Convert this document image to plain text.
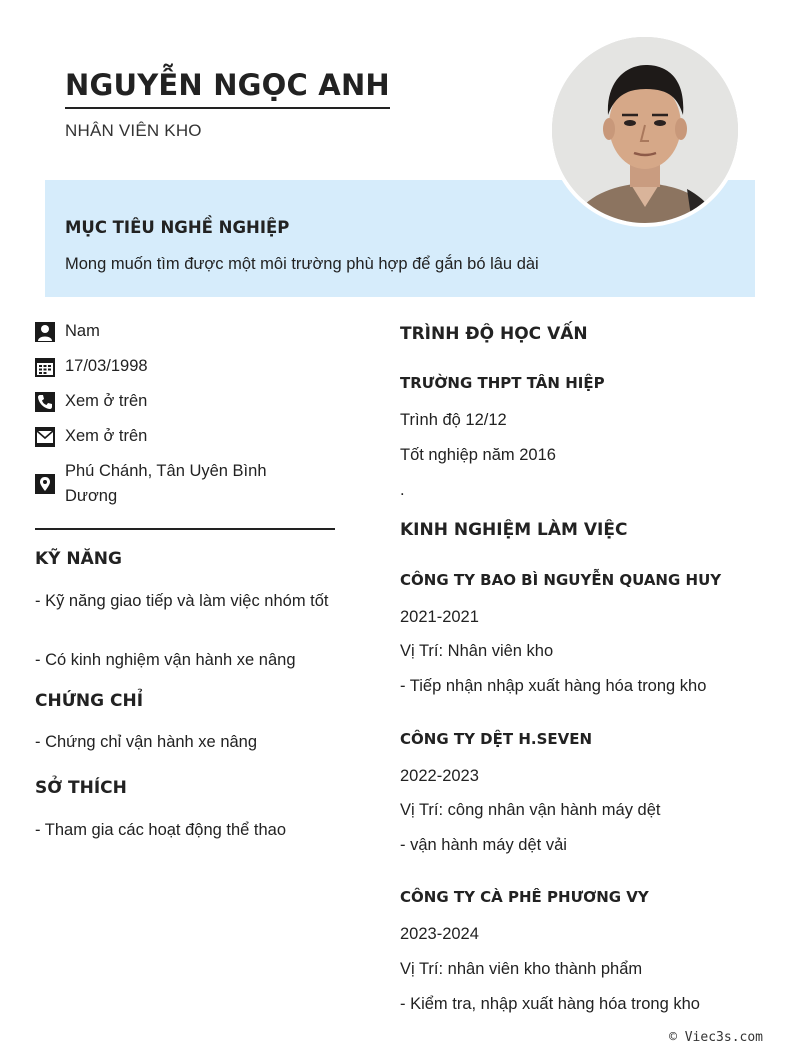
NGUYỄN NGỌC ANH
NHÂN VIÊN KHO
MỤC TIÊU NGHỀ NGHIỆP
Mong muốn tìm được một môi trường phù hợp để gắn bó lâu dài
Nam
17/03/1998
Xem ở trên
Xem ở trên
Phú Chánh, Tân Uyên Bình
Dương
KỸ NĂNG
- Kỹ năng giao tiếp và làm việc nhóm tốt
- Có kinh nghiệm vận hành xe nâng
CHỨNG CHỈ
- Chứng chỉ vận hành xe nâng
SỞ THÍCH
- Tham gia các hoạt động thể thao
TRÌNH ĐỘ HỌC VẤN
TRƯỜNG THPT TÂN HIỆP
Trình độ 12/12
Tốt nghiệp năm 2016
.
KINH NGHIỆM LÀM VIỆC
CÔNG TY BAO BÌ NGUYỄN QUANG HUY
2021-2021
Vị Trí: Nhân viên kho
- Tiếp nhận nhập xuất hàng hóa trong kho
CÔNG TY DỆT H.SEVEN
2022-2023
Vị Trí: công nhân vận hành máy dệt
- vận hành máy dệt vải
CÔNG TY CÀ PHÊ PHƯƠNG VY
2023-2024
Vị Trí: nhân viên kho thành phẩm
- Kiểm tra, nhập xuất hàng hóa trong kho
© Viec3s.com
